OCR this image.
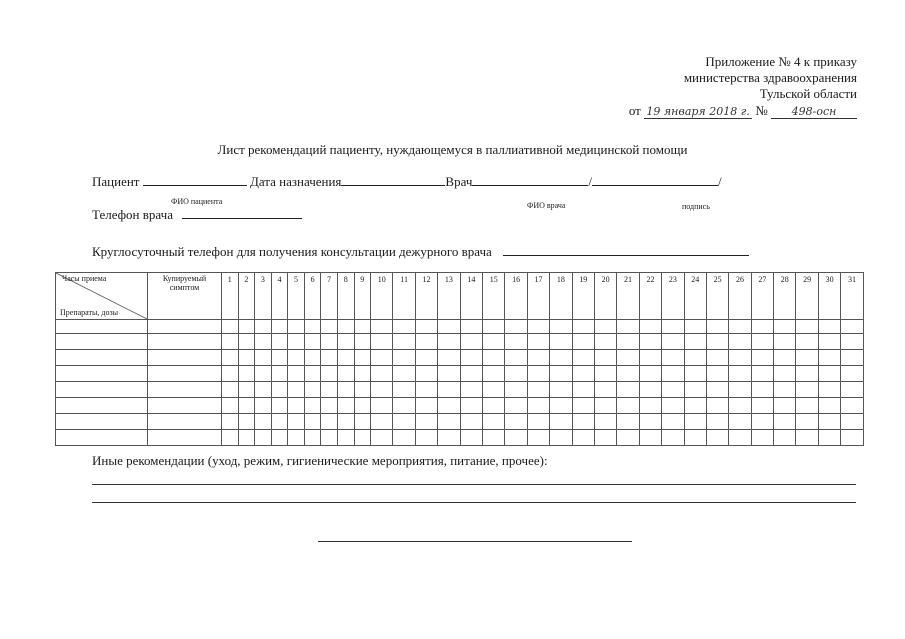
Приложение № 4 к приказу
министерства здравоохранения
Тульской области
от 19 января 2018 г. № 498-осн
Лист рекомендаций пациенту, нуждающемуся в паллиативной медицинской помощи
Пациент	Дата назначения	Врач	/	/
ФИО пациента	ФИО врача	подпись
Телефон врача
Круглосуточный телефон для получения консультации дежурного врача
Часы приема
Препараты, дозы	Купируемый симптом	1	2	3	4	5	6	7	8	9	10	11	12	13	14	15	16	17	18	19	20	21	22	23	24	25	26	27	28	29	30	31

Иные рекомендации (уход, режим, гигиенические мероприятия, питание, прочее):
